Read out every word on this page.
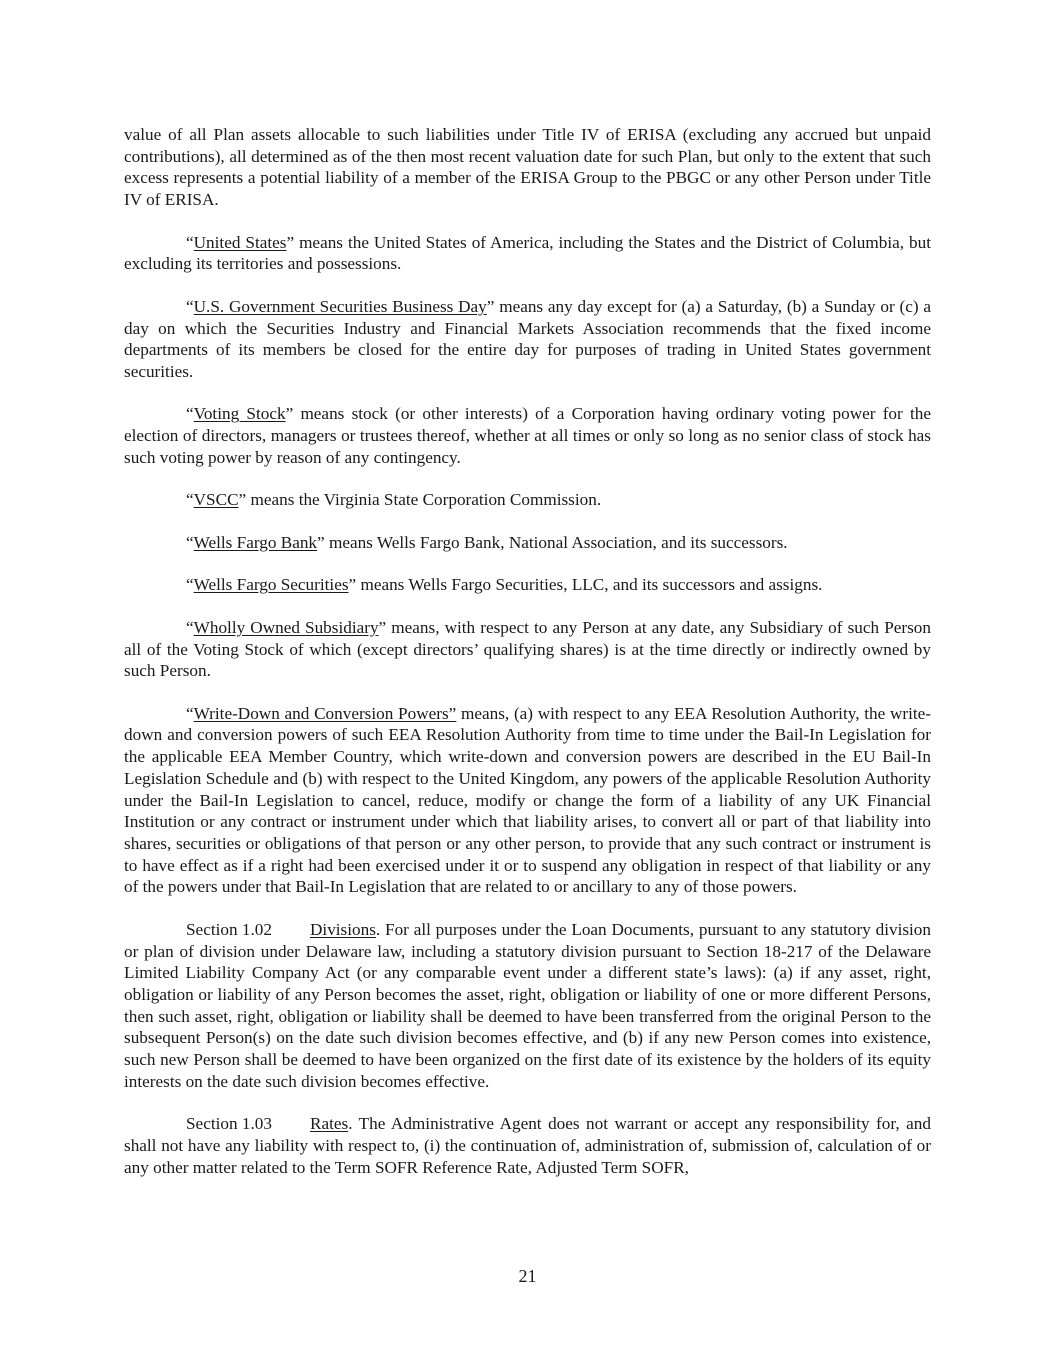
value of all Plan assets allocable to such liabilities under Title IV of ERISA (excluding any accrued but unpaid contributions), all determined as of the then most recent valuation date for such Plan, but only to the extent that such excess represents a potential liability of a member of the ERISA Group to the PBGC or any other Person under Title IV of ERISA.

“United States” means the United States of America, including the States and the District of Columbia, but excluding its territories and possessions.

“U.S. Government Securities Business Day” means any day except for (a) a Saturday, (b) a Sunday or (c) a day on which the Securities Industry and Financial Markets Association recommends that the fixed income departments of its members be closed for the entire day for purposes of trading in United States government securities.

“Voting Stock” means stock (or other interests) of a Corporation having ordinary voting power for the election of directors, managers or trustees thereof, whether at all times or only so long as no senior class of stock has such voting power by reason of any contingency.

“VSCC” means the Virginia State Corporation Commission.

“Wells Fargo Bank” means Wells Fargo Bank, National Association, and its successors.

“Wells Fargo Securities” means Wells Fargo Securities, LLC, and its successors and assigns.

“Wholly Owned Subsidiary” means, with respect to any Person at any date, any Subsidiary of such Person all of the Voting Stock of which (except directors’ qualifying shares) is at the time directly or indirectly owned by such Person.

“Write-Down and Conversion Powers” means, (a) with respect to any EEA Resolution Authority, the write-down and conversion powers of such EEA Resolution Authority from time to time under the Bail-In Legislation for the applicable EEA Member Country, which write-down and conversion powers are described in the EU Bail-In Legislation Schedule and (b) with respect to the United Kingdom, any powers of the applicable Resolution Authority under the Bail-In Legislation to cancel, reduce, modify or change the form of a liability of any UK Financial Institution or any contract or instrument under which that liability arises, to convert all or part of that liability into shares, securities or obligations of that person or any other person, to provide that any such contract or instrument is to have effect as if a right had been exercised under it or to suspend any obligation in respect of that liability or any of the powers under that Bail-In Legislation that are related to or ancillary to any of those powers.

Section 1.02 Divisions. For all purposes under the Loan Documents, pursuant to any statutory division or plan of division under Delaware law, including a statutory division pursuant to Section 18-217 of the Delaware Limited Liability Company Act (or any comparable event under a different state’s laws): (a) if any asset, right, obligation or liability of any Person becomes the asset, right, obligation or liability of one or more different Persons, then such asset, right, obligation or liability shall be deemed to have been transferred from the original Person to the subsequent Person(s) on the date such division becomes effective, and (b) if any new Person comes into existence, such new Person shall be deemed to have been organized on the first date of its existence by the holders of its equity interests on the date such division becomes effective.

Section 1.03 Rates. The Administrative Agent does not warrant or accept any responsibility for, and shall not have any liability with respect to, (i) the continuation of, administration of, submission of, calculation of or any other matter related to the Term SOFR Reference Rate, Adjusted Term SOFR,

21
